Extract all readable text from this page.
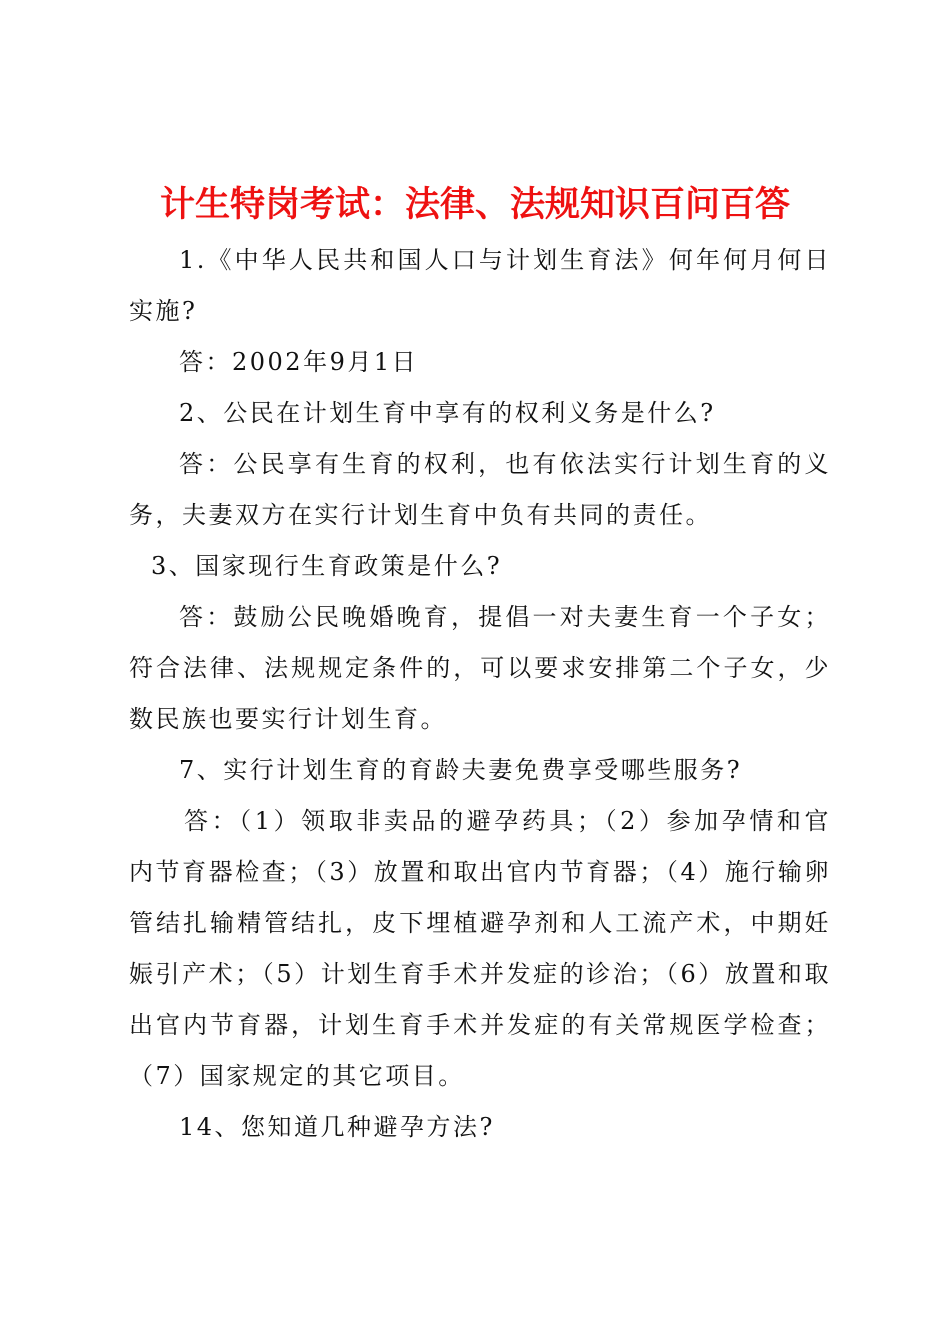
计生特岗考试：法律、法规知识百问百答

1.《中华人民共和国人口与计划生育法》何年何月何日实施?

答：2002年9月1日

2、公民在计划生育中享有的权利义务是什么?

答：公民享有生育的权利，也有依法实行计划生育的义务，夫妻双方在实行计划生育中负有共同的责任。

3、国家现行生育政策是什么?

答：鼓励公民晚婚晚育，提倡一对夫妻生育一个子女；符合法律、法规规定条件的，可以要求安排第二个子女，少数民族也要实行计划生育。

7、实行计划生育的育龄夫妻免费享受哪些服务?

答：（1）领取非卖品的避孕药具；（2）参加孕情和官内节育器检查；（3）放置和取出官内节育器；（4）施行输卵管结扎输精管结扎，皮下埋植避孕剂和人工流产术，中期妊娠引产术；（5）计划生育手术并发症的诊治；（6）放置和取出官内节育器，计划生育手术并发症的有关常规医学检查；（7）国家规定的其它项目。

14、您知道几种避孕方法?
